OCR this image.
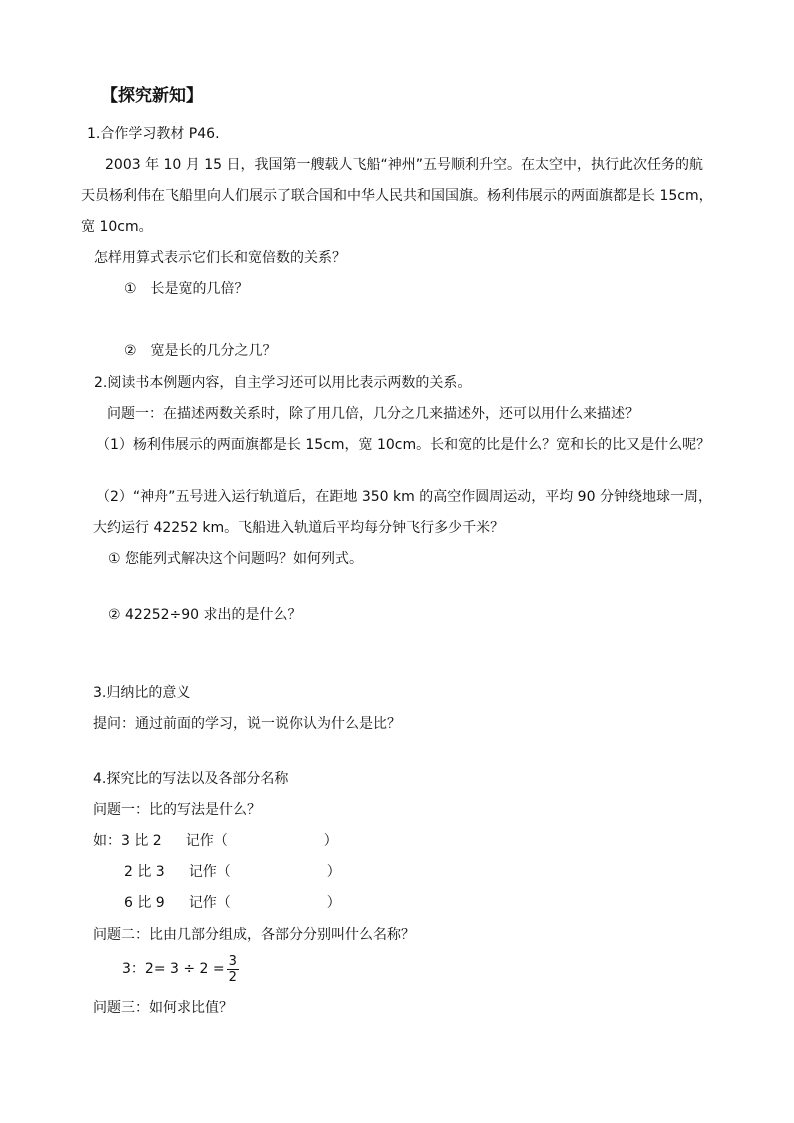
【探究新知】
1.合作学习教材 P46.
2003 年 10 月 15 日，我国第一艘载人飞船“神州”五号顺利升空。在太空中，执行此次任务的航
天员杨利伟在飞船里向人们展示了联合国和中华人民共和国国旗。杨利伟展示的两面旗都是长 15cm，
宽 10cm。
怎样用算式表示它们长和宽倍数的关系？
①　长是宽的几倍？
②　宽是长的几分之几？
2.阅读书本例题内容，自主学习还可以用比表示两数的关系。
问题一：在描述两数关系时，除了用几倍，几分之几来描述外，还可以用什么来描述？
（1）杨利伟展示的两面旗都是长 15cm，宽 10cm。长和宽的比是什么？宽和长的比又是什么呢？
（2）“神舟”五号进入运行轨道后，在距地 350 km 的高空作圆周运动，平均 90 分钟绕地球一周，
大约运行 42252 km。飞船进入轨道后平均每分钟飞行多少千米？
① 您能列式解决这个问题吗？如何列式。
② 42252÷90 求出的是什么？
3.归纳比的意义
提问：通过前面的学习，说一说你认为什么是比？
4.探究比的写法以及各部分名称
问题一：比的写法是什么？
如：3 比 2 记作（	）
2 比 3 记作（	）
6 比 9 记作（	）
问题二：比由几部分组成，各部分分别叫什么名称？
3：$2= 3 \div 2 = \frac{3}{2}$
问题三：如何求比值？
